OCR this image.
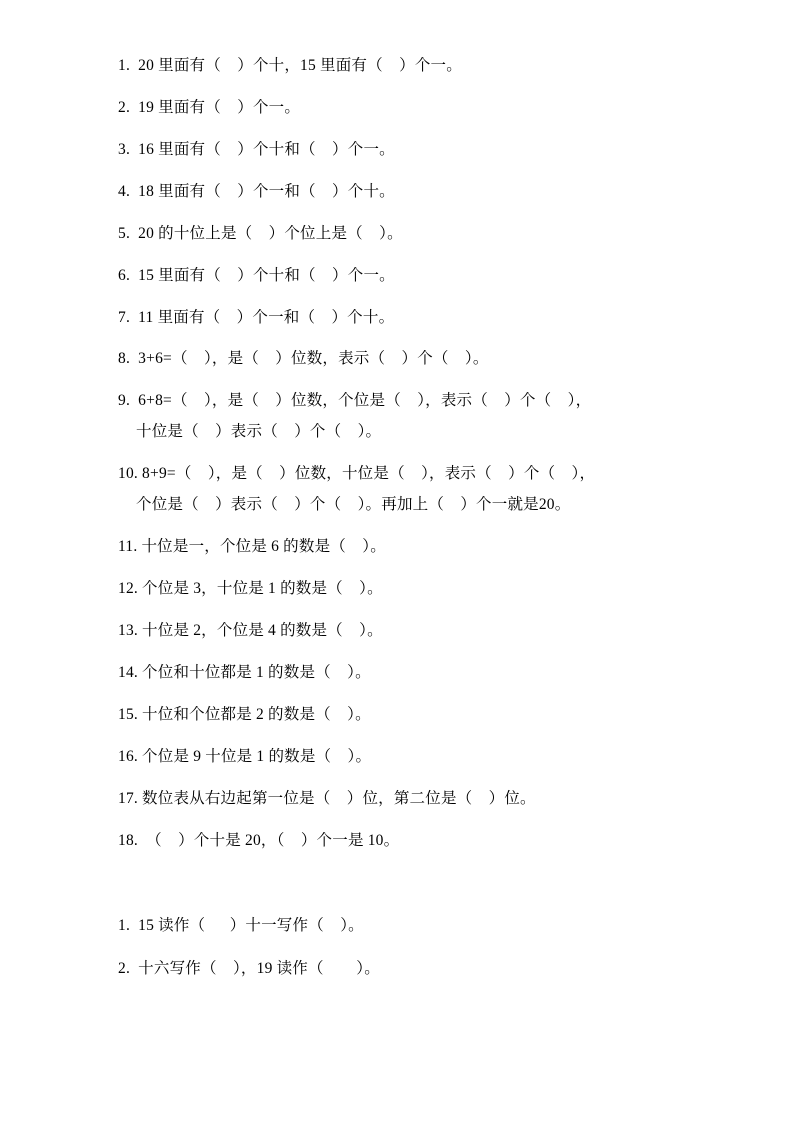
1.  20 里面有（    ）个十，15 里面有（    ）个一。

2.  19 里面有（    ）个一。

3.  16 里面有（    ）个十和（    ）个一。

4.  18 里面有（    ）个一和（    ）个十。

5.  20 的十位上是（    ）个位上是（    ）。

6.  15 里面有（    ）个十和（    ）个一。

7.  11 里面有（    ）个一和（    ）个十。

8.  3+6=（    ），是（    ）位数，表示（    ）个（    ）。

9.  6+8=（    ），是（    ）位数，个位是（    ），表示（    ）个（    ），

十位是（    ）表示（    ）个（    ）。

10. 8+9=（    ），是（    ）位数，十位是（    ），表示（    ）个（    ），

个位是（    ）表示（    ）个（    ）。再加上（    ）个一就是20。

11. 十位是一，个位是 6 的数是（    ）。

12. 个位是 3，十位是 1 的数是（    ）。

13. 十位是 2，个位是 4 的数是（    ）。

14. 个位和十位都是 1 的数是（    ）。

15. 十位和个位都是 2 的数是（    ）。

16. 个位是 9 十位是 1 的数是（    ）。

17. 数位表从右边起第一位是（    ）位，第二位是（    ）位。

18.  （    ）个十是 20，（    ）个一是 10。

1.  15 读作（      ）十一写作（    ）。

2.  十六写作（    ），19 读作（        ）。
